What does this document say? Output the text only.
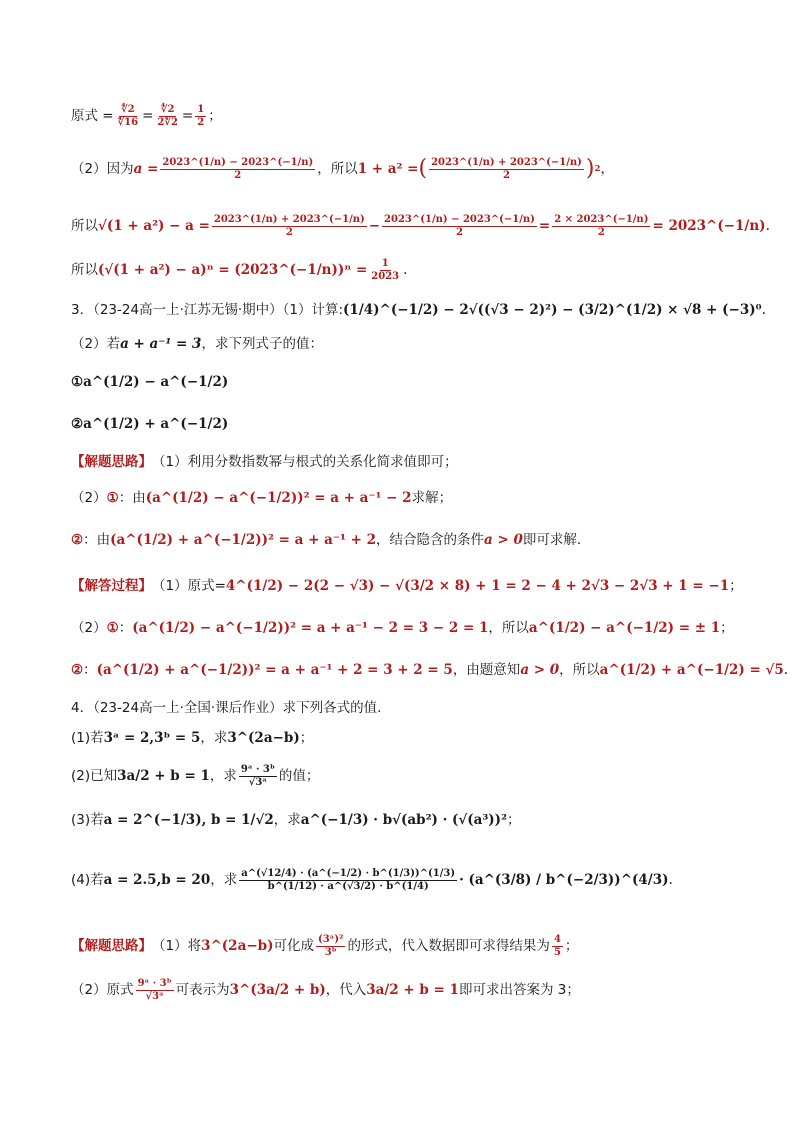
原式 = $\frac{∜2}{∜16} = \frac{∜2}{2∜2} = \frac{1}{2}$ ；
（2）因为 $a = \frac{2023\^{}(1/n) - 2023\^{}(-1/n)}{2}$ ，所以 1 + a² = ( $\frac{2023\^{}(1/n) + 2023\^{}(-1/n)}{2}$ ) 2 ，
所以 $√(1 + a^2) - a = \frac{2023\^{}(1/n) + 2023\^{}(-1/n)}{2} - \frac{2023\^{}(1/n) - 2023\^{}(-1/n)}{2} = \frac{2 \times 2023\^{}(-1/n)}{2}$ = 2023^(−1/n) .
所以 (√(1 + a²) − a)ⁿ = (2023^(−1/n))ⁿ = $\frac{1}{2023}$ .
3．（23-24高一上·江苏无锡·期中）（1）计算: (1/4)^(−1/2) − 2√((√3 − 2)²) − (3/2)^(1/2) × √8 + (−3)⁰ .
（2）若 a + a⁻¹ = 3 ，求下列式子的值：
① a^(1/2) − a^(−1/2)
② a^(1/2) + a^(−1/2)
【解题思路】 （1）利用分数指数幂与根式的关系化简求值即可；
（2） ① ：由 (a^(1/2) − a^(−1/2))² = a + a⁻¹ − 2 求解；
② ：由 (a^(1/2) + a^(−1/2))² = a + a⁻¹ + 2 ，结合隐含的条件 a > 0 即可求解.
【解答过程】 （1）原式= 4^(1/2) − 2(2 − √3) − √(3/2 × 8) + 1 = 2 − 4 + 2√3 − 2√3 + 1 = −1 ；
（2） ① ： (a^(1/2) − a^(−1/2))² = a + a⁻¹ − 2 = 3 − 2 = 1 ，所以 a^(1/2) − a^(−1/2) = ± 1 ；
② ： (a^(1/2) + a^(−1/2))² = a + a⁻¹ + 2 = 3 + 2 = 5 ，由题意知 a > 0 ，所以 a^(1/2) + a^(−1/2) = √5 .
4．（23-24高一上·全国·课后作业）求下列各式的值.
(1)若 3ᵃ = 2,3ᵇ = 5 ，求 3^(2a−b) ；
(2)已知 3a/2 + b = 1 ，求 $\frac{\text{9ᵃ · 3ᵇ}}{\text{√3ᵃ}}$ 的值；
(3)若 a = 2^(−1/3), b = 1/√2 ，求 a^(−1/3) · b√(ab²) · (√(a³))² ；
(4)若 a = 2.5,b = 20 ，求 $\frac{a\^{}(√12/4) \cdot (a\^{}(-1/2) \cdot b\^{}(1/3))\^{}(1/3)}{b\^{}(1/12) \cdot a\^{}(√3/2) \cdot b\^{}(1/4)}$ · (a^(3/8) / b^(−2/3))^(4/3) .
【解题思路】 （1）将 3^(2a−b) 可化成 $\frac{\text{(3ᵃ)²}}{\text{3ᵇ}}$ 的形式，代入数据即可求得结果为 $\frac{4}{5}$ ；
（2）原式 $\frac{\text{9ᵃ · 3ᵇ}}{\text{√3ᵃ}}$ 可表示为 3^(3a/2 + b) ，代入 3a/2 + b = 1 即可求出答案为 3；
